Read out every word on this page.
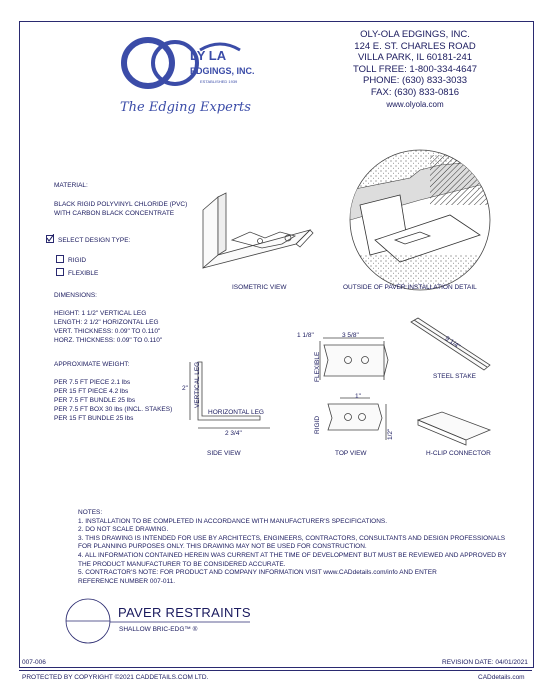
LY LA
EDGINGS, INC.
ESTABLISHED 1939
The Edging Experts
OLY-OLA EDGINGS, INC.
124 E. ST. CHARLES ROAD
VILLA PARK, IL 60181-241
TOLL FREE: 1-800-334-4647
PHONE: (630) 833-3033
FAX: (630) 833-0816
www.olyola.com
MATERIAL:
BLACK RIGID POLYVINYL CHLORIDE (PVC)
WITH CARBON BLACK CONCENTRATE
SELECT DESIGN TYPE:
RIGID
FLEXIBLE
DIMENSIONS:
HEIGHT: 1 1/2" VERTICAL LEG
LENGTH: 2 1/2" HORIZONTAL LEG
VERT. THICKNESS: 0.09" TO 0.110"
HORZ. THICKNESS: 0.09" TO 0.110"
APPROXIMATE WEIGHT:
PER 7.5 FT PIECE 2.1 lbs
PER 15 FT PIECE 4.2 lbs
PER 7.5 FT BUNDLE 25 lbs
PER 7.5 FT BOX 30 lbs (INCL. STAKES)
PER 15 FT BUNDLE 25 lbs
ISOMETRIC VIEW	OUTSIDE OF PAVER INSTALLATION DETAIL
STEEL STAKE
SIDE VIEW	TOP VIEW	H-CLIP CONNECTOR
2" VERTICAL LEG
HORIZONTAL LEG
2 3/4"
1 1/8"	3 5/8"
FLEXIBLE
1"
RIGID
1/2"
9 1/4"
NOTES:
1. INSTALLATION TO BE COMPLETED IN ACCORDANCE WITH MANUFACTURER'S SPECIFICATIONS.
2. DO NOT SCALE DRAWING.
3. THIS DRAWING IS INTENDED FOR USE BY ARCHITECTS, ENGINEERS, CONTRACTORS, CONSULTANTS AND DESIGN PROFESSIONALS
FOR PLANNING PURPOSES ONLY. THIS DRAWING MAY NOT BE USED FOR CONSTRUCTION.
4. ALL INFORMATION CONTAINED HEREIN WAS CURRENT AT THE TIME OF DEVELOPMENT BUT MUST BE REVIEWED AND APPROVED BY
THE PRODUCT MANUFACTURER TO BE CONSIDERED ACCURATE.
5. CONTRACTOR'S NOTE: FOR PRODUCT AND COMPANY INFORMATION VISIT www.CADdetails.com/info AND ENTER
REFERENCE NUMBER 007-011.
PAVER RESTRAINTS
SHALLOW BRIC-EDG™ ®
007-006	REVISION DATE: 04/01/2021
PROTECTED BY COPYRIGHT ©2021 CADDETAILS.COM LTD.	CADdetails.com
